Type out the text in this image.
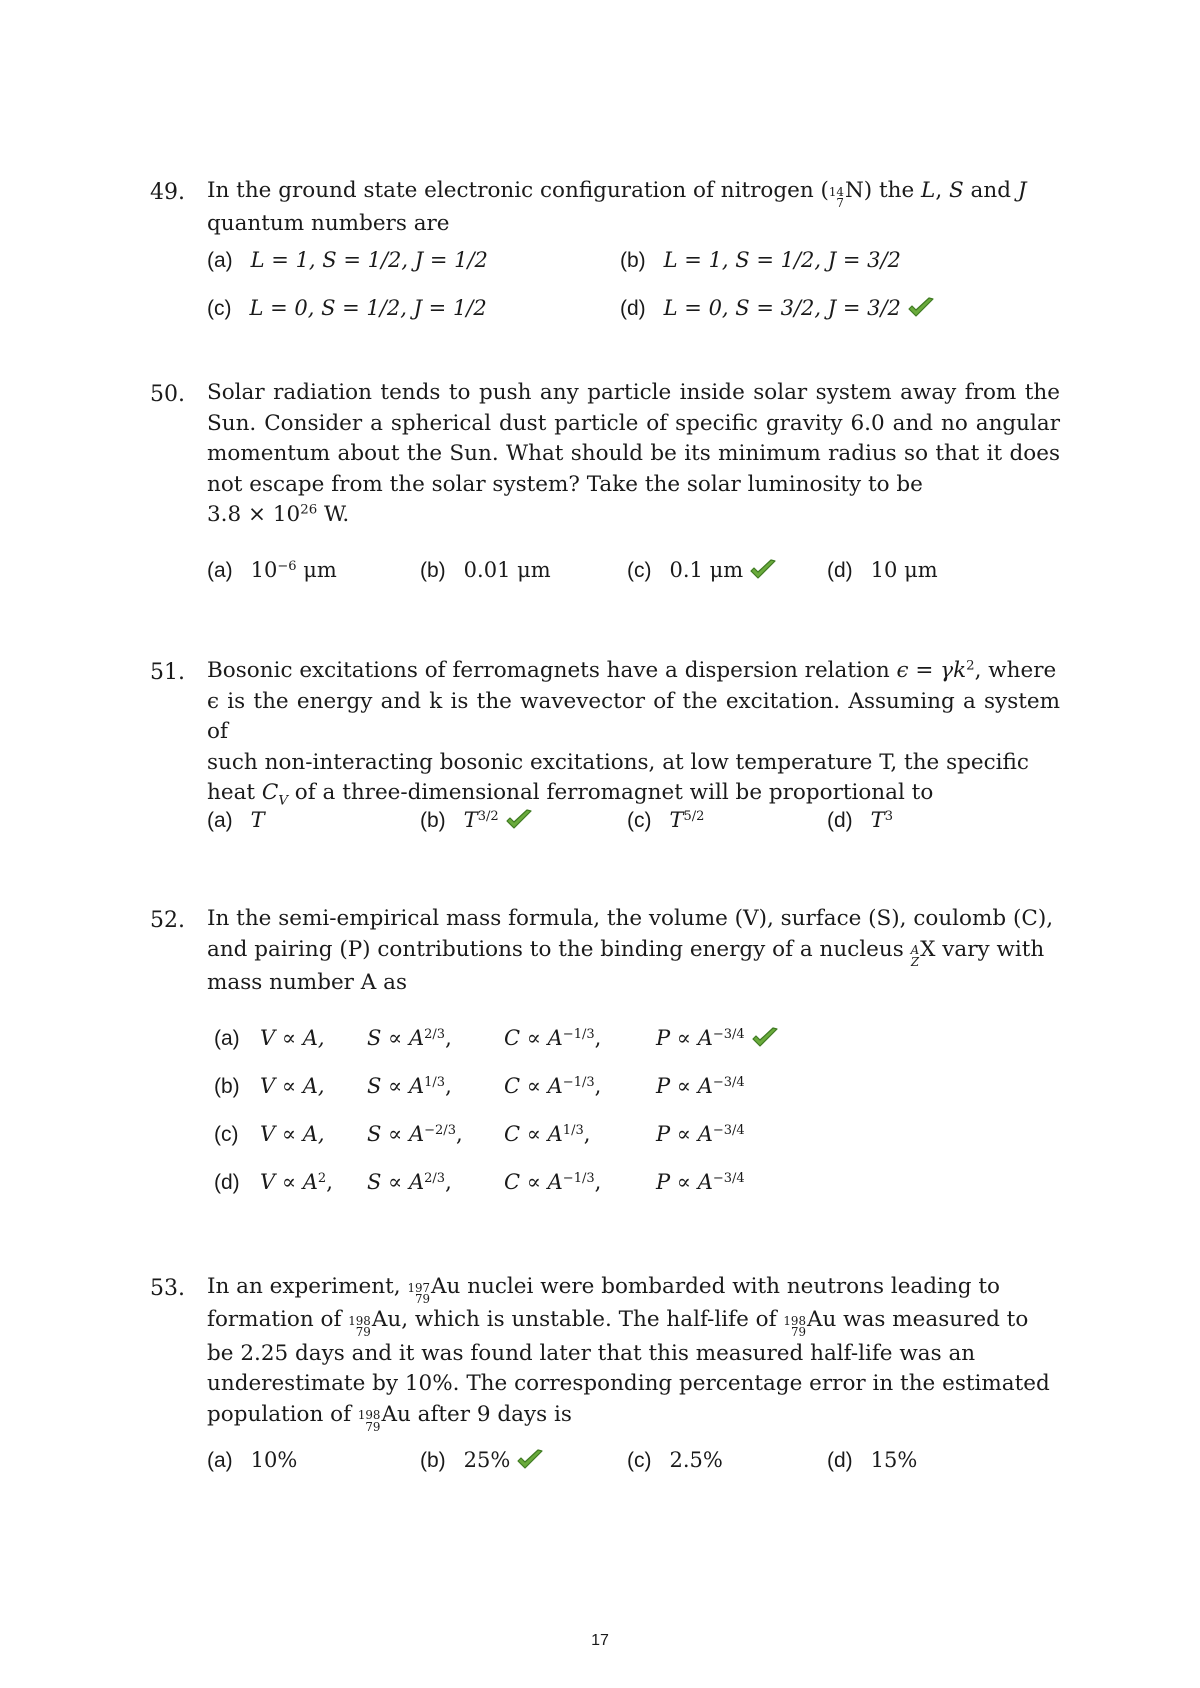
49. In the ground state electronic configuration of nitrogen ( 14
7
N) the L, S and J

quantum numbers are

(a) L = 1, S = 1/2, J = 1/2	(b) L = 1, S = 1/2, J = 3/2
(c) L = 0, S = 1/2, J = 1/2	(d) L = 0, S = 3/2, J = 3/2
50. Solar radiation tends to push any particle inside solar system away from the Sun. Consider a spherical dust particle of specific gravity 6.0 and no angular momentum about the Sun. What should be its minimum radius so that it does not escape from the solar system? Take the solar luminosity to be

$3.8 \times 10^{26}$ W.

(a) $10^{-6}$ μm	(b) 0.01 μm	(c) 0.1 μm	(d) 10 μm
51. Bosonic excitations of ferromagnets have a dispersion relation $\epsilon = \gamma k^2$, where

ϵ is the energy and k is the wavevector of the excitation. Assuming a system of

such non-interacting bosonic excitations, at low temperature T, the specific

heat $C_V$ of a three-dimensional ferromagnet will be proportional to

(a) T	(b) $T^{3/2}$	(c) $T^{5/2}$	(d) $T^3$
52. In the semi-empirical mass formula, the volume (V), surface (S), coulomb (C),

and pairing (P) contributions to the binding energy of a nucleus A
Z
X vary with

mass number A as

(a) V ∝ A, $S \propto A^{2/3}$, $C \propto A^{-1/3}$,	$P \propto A^{-3/4}$
(b) V ∝ A, $S \propto A^{1/3}$, $C \propto A^{-1/3}$,	$P \propto A^{-3/4}$
(c)	V ∝ A, $S \propto A^{-2/3}$, $C \propto A^{1/3}$,	$P \propto A^{-3/4}$
(d) $V \propto A^2$, $S \propto A^{2/3}$, $C \propto A^{-1/3}$,	$P \propto A^{-3/4}$
53. In an experiment, 197
79
Au nuclei were bombarded with neutrons leading to

formation of 198
79
Au, which is unstable. The half-life of 198
79
Au was measured to

be 2.25 days and it was found later that this measured half-life was an

underestimate by 10%. The corresponding percentage error in the estimated

population of 198
79
Au after 9 days is

(a) 10%	(b) 25%	(c) 2.5%	(d) 15%
17
